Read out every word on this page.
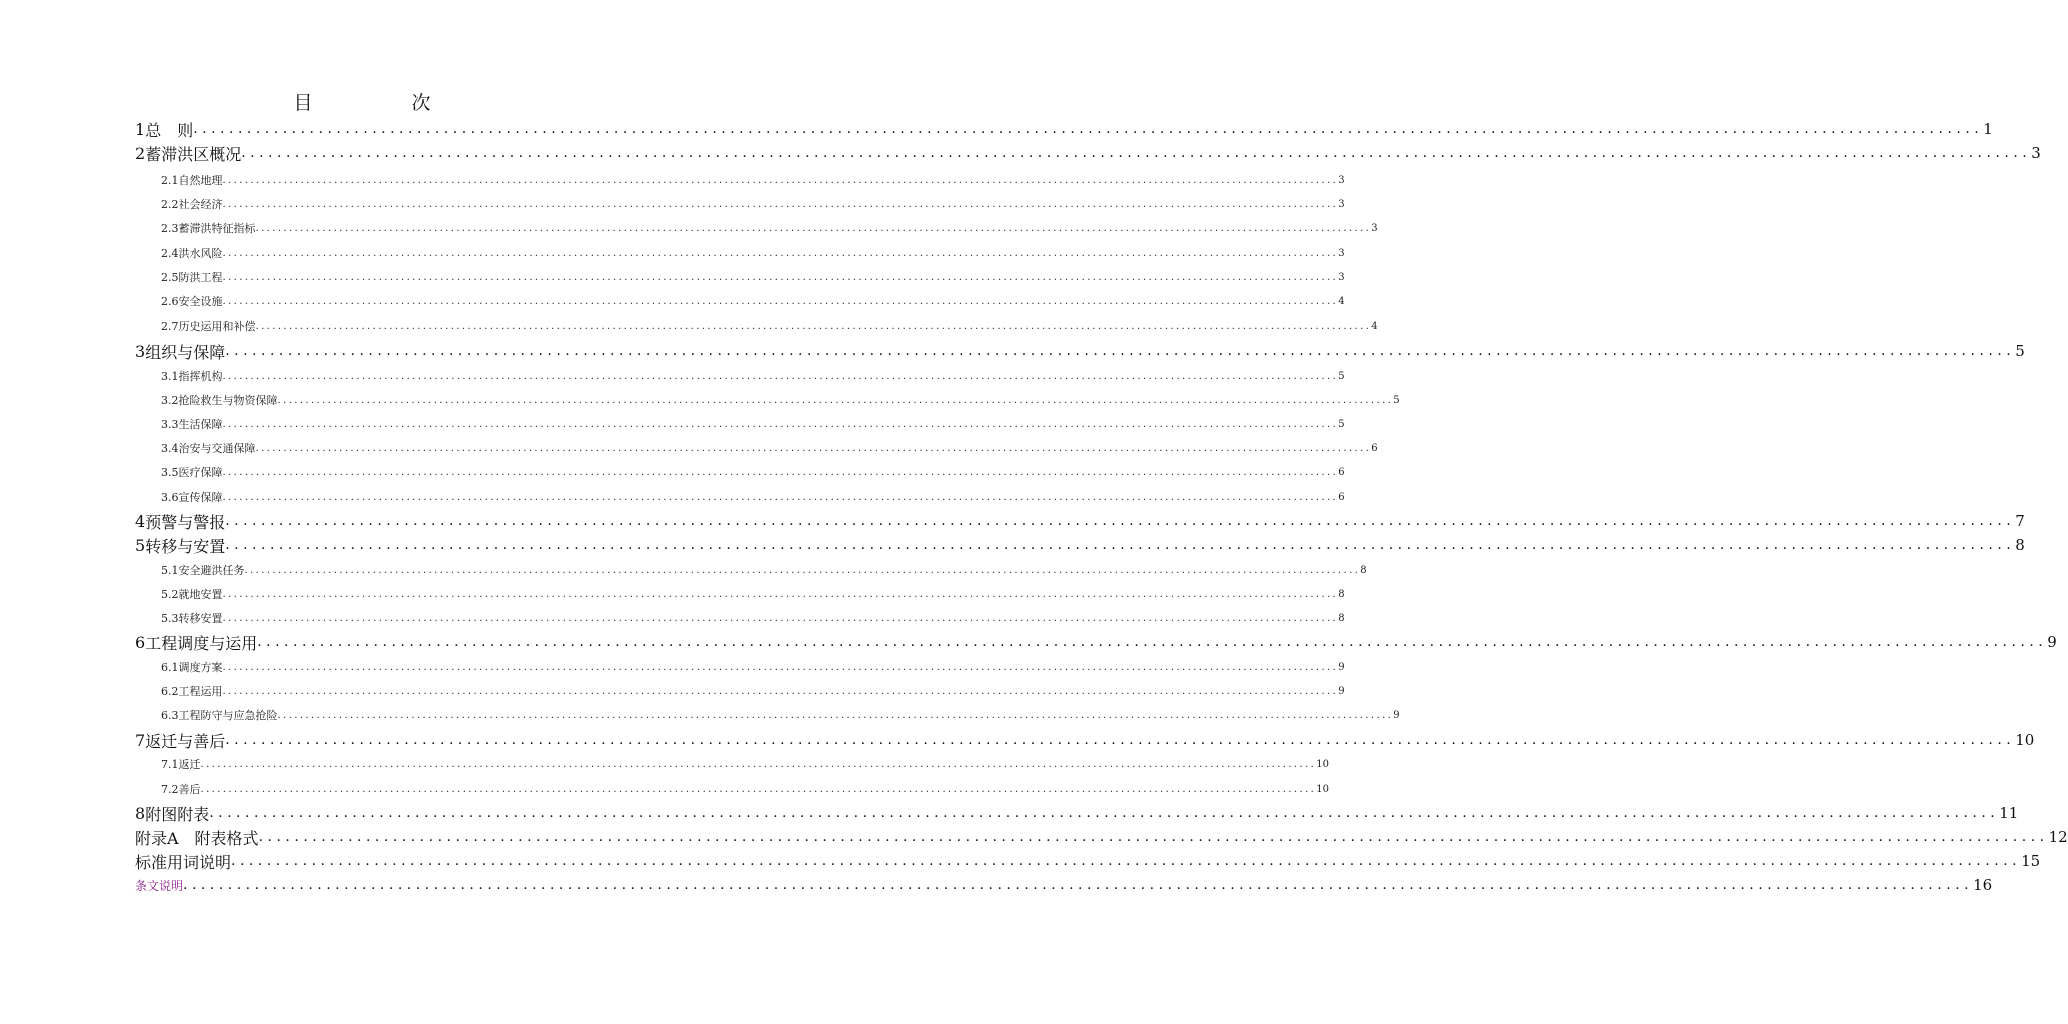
目　次
1 总　则 ........................................................................................................................................................................................................ 1
2 蓄滞洪区概况 ........................................................................................................................................................................................................ 3
2.1 自然地理 ........................................................................................................................................................................................................ 3
2.2 社会经济 ........................................................................................................................................................................................................ 3
2.3 蓄滞洪特征指标 ........................................................................................................................................................................................................ 3
2.4 洪水风险 ........................................................................................................................................................................................................ 3
2.5 防洪工程 ........................................................................................................................................................................................................ 3
2.6 安全设施 ........................................................................................................................................................................................................ 4
2.7 历史运用和补偿 ........................................................................................................................................................................................................ 4
3 组织与保障 ........................................................................................................................................................................................................ 5
3.1 指挥机构 ........................................................................................................................................................................................................ 5
3.2 抢险救生与物资保障 ........................................................................................................................................................................................................ 5
3.3 生活保障 ........................................................................................................................................................................................................ 5
3.4 治安与交通保障 ........................................................................................................................................................................................................ 6
3.5 医疗保障 ........................................................................................................................................................................................................ 6
3.6 宣传保障 ........................................................................................................................................................................................................ 6
4 预警与警报 ........................................................................................................................................................................................................ 7
5 转移与安置 ........................................................................................................................................................................................................ 8
5.1 安全避洪任务 ........................................................................................................................................................................................................ 8
5.2 就地安置 ........................................................................................................................................................................................................ 8
5.3 转移安置 ........................................................................................................................................................................................................ 8
6 工程调度与运用 ........................................................................................................................................................................................................ 9
6.1 调度方案 ........................................................................................................................................................................................................ 9
6.2 工程运用 ........................................................................................................................................................................................................ 9
6.3 工程防守与应急抢险 ........................................................................................................................................................................................................ 9
7 返迁与善后 ........................................................................................................................................................................................................ 10
7.1 返迁 ........................................................................................................................................................................................................ 10
7.2 善后 ........................................................................................................................................................................................................ 10
8 附图附表 ........................................................................................................................................................................................................ 11
附录A　附表格式 ........................................................................................................................................................................................................ 12
标准用词说明 ........................................................................................................................................................................................................ 15
条文说明 ........................................................................................................................................................................................................ 16
